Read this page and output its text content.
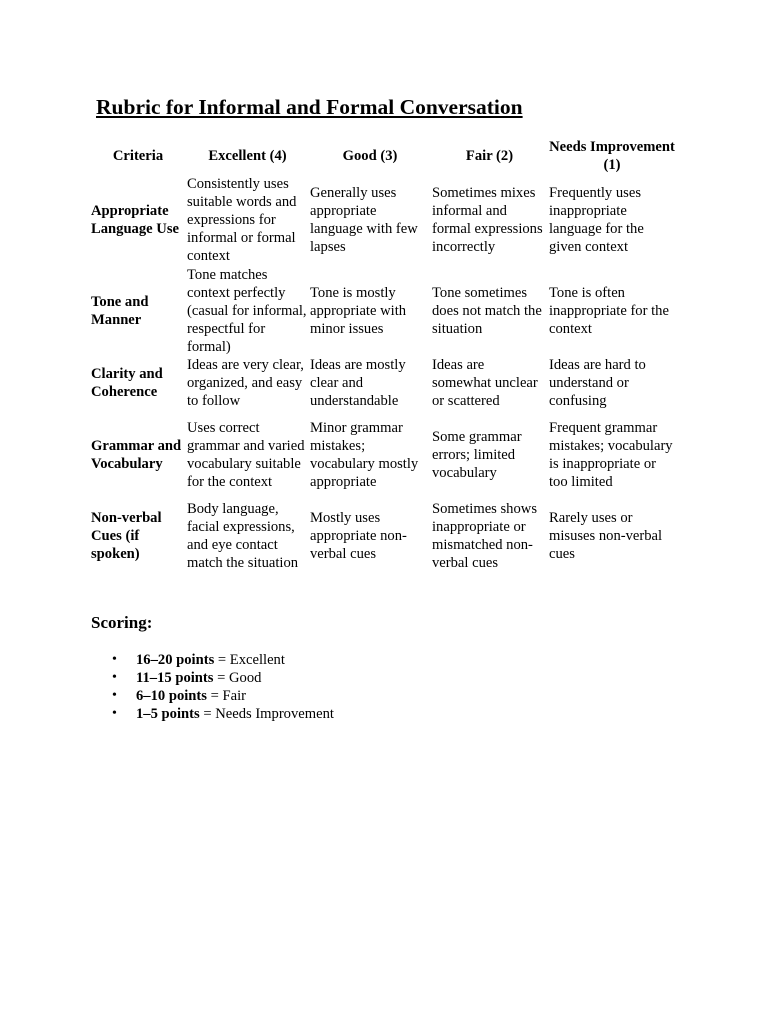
Rubric for Informal and Formal Conversation
Criteria	Excellent (4)	Good (3)	Fair (2)	Needs Improvement (1)
Appropriate Language Use	Consistently uses suitable words and expressions for informal or formal context	Generally uses appropriate language with few lapses	Sometimes mixes informal and formal expressions incorrectly	Frequently uses inappropriate language for the given context
Tone and Manner	Tone matches context perfectly (casual for informal, respectful for formal)	Tone is mostly appropriate with minor issues	Tone sometimes does not match the situation	Tone is often inappropriate for the context
Clarity and Coherence	Ideas are very clear, organized, and easy to follow	Ideas are mostly clear and understandable	Ideas are somewhat unclear or scattered	Ideas are hard to understand or confusing
Grammar and Vocabulary	Uses correct grammar and varied vocabulary suitable for the context	Minor grammar mistakes; vocabulary mostly appropriate	Some grammar errors; limited vocabulary	Frequent grammar mistakes; vocabulary is inappropriate or too limited
Non-verbal Cues (if spoken)	Body language, facial expressions, and eye contact match the situation	Mostly uses appropriate non-verbal cues	Sometimes shows inappropriate or mismatched non-verbal cues	Rarely uses or misuses non-verbal cues
Scoring:
• 16–20 points = Excellent
• 11–15 points = Good
• 6–10 points = Fair
• 1–5 points = Needs Improvement
